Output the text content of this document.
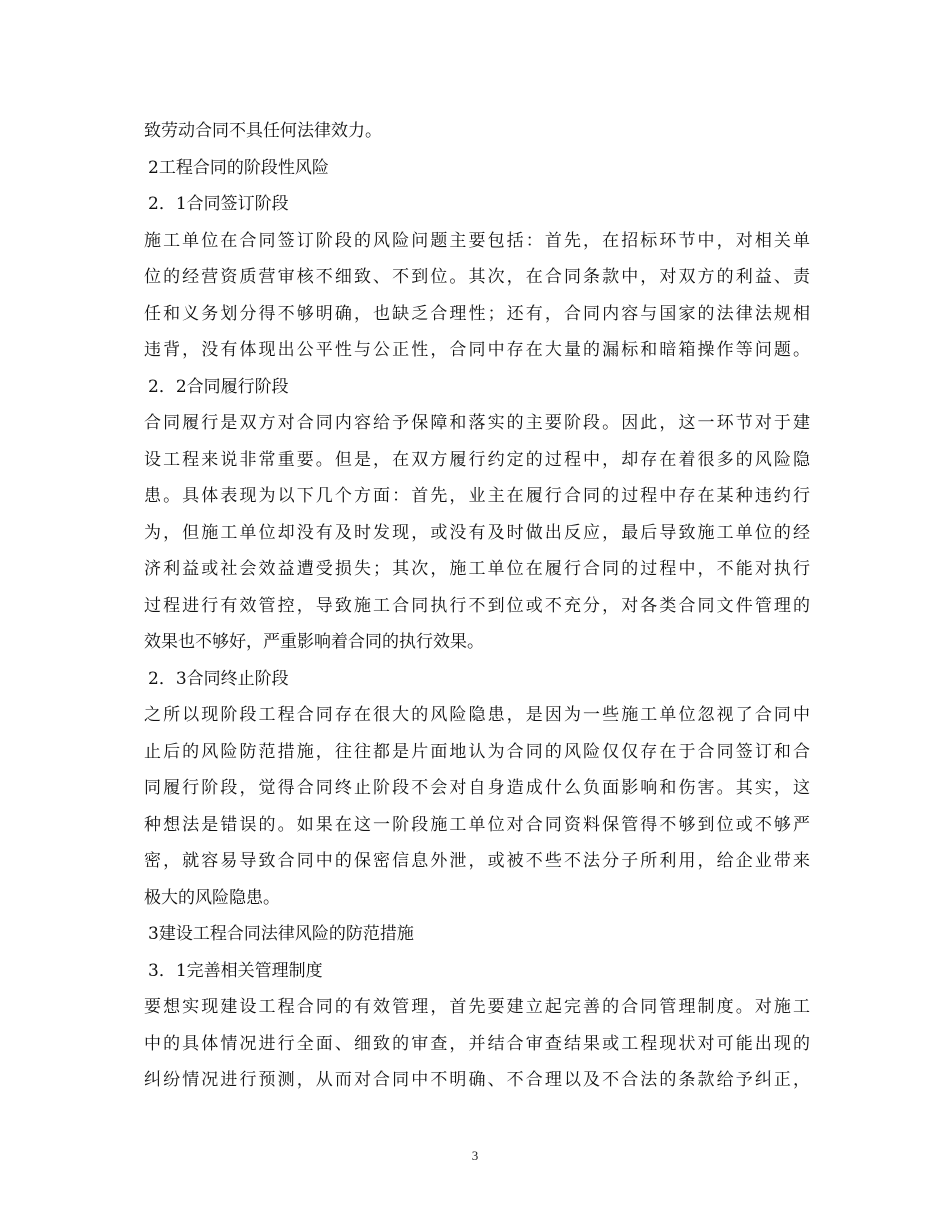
致劳动合同不具任何法律效力。
2工程合同的阶段性风险
2．1合同签订阶段
施工单位在合同签订阶段的风险问题主要包括：首先，在招标环节中，对相关单
位的经营资质营审核不细致、不到位。其次，在合同条款中，对双方的利益、责
任和义务划分得不够明确，也缺乏合理性；还有，合同内容与国家的法律法规相
违背，没有体现出公平性与公正性，合同中存在大量的漏标和暗箱操作等问题。
2．2合同履行阶段
合同履行是双方对合同内容给予保障和落实的主要阶段。因此，这一环节对于建
设工程来说非常重要。但是，在双方履行约定的过程中，却存在着很多的风险隐
患。具体表现为以下几个方面：首先，业主在履行合同的过程中存在某种违约行
为，但施工单位却没有及时发现，或没有及时做出反应，最后导致施工单位的经
济利益或社会效益遭受损失；其次，施工单位在履行合同的过程中，不能对执行
过程进行有效管控，导致施工合同执行不到位或不充分，对各类合同文件管理的
效果也不够好，严重影响着合同的执行效果。
2．3合同终止阶段
之所以现阶段工程合同存在很大的风险隐患，是因为一些施工单位忽视了合同中
止后的风险防范措施，往往都是片面地认为合同的风险仅仅存在于合同签订和合
同履行阶段，觉得合同终止阶段不会对自身造成什么负面影响和伤害。其实，这
种想法是错误的。如果在这一阶段施工单位对合同资料保管得不够到位或不够严
密，就容易导致合同中的保密信息外泄，或被不些不法分子所利用，给企业带来
极大的风险隐患。
3建设工程合同法律风险的防范措施
3．1完善相关管理制度
要想实现建设工程合同的有效管理，首先要建立起完善的合同管理制度。对施工
中的具体情况进行全面、细致的审查，并结合审查结果或工程现状对可能出现的
纠纷情况进行预测，从而对合同中不明确、不合理以及不合法的条款给予纠正，
3
